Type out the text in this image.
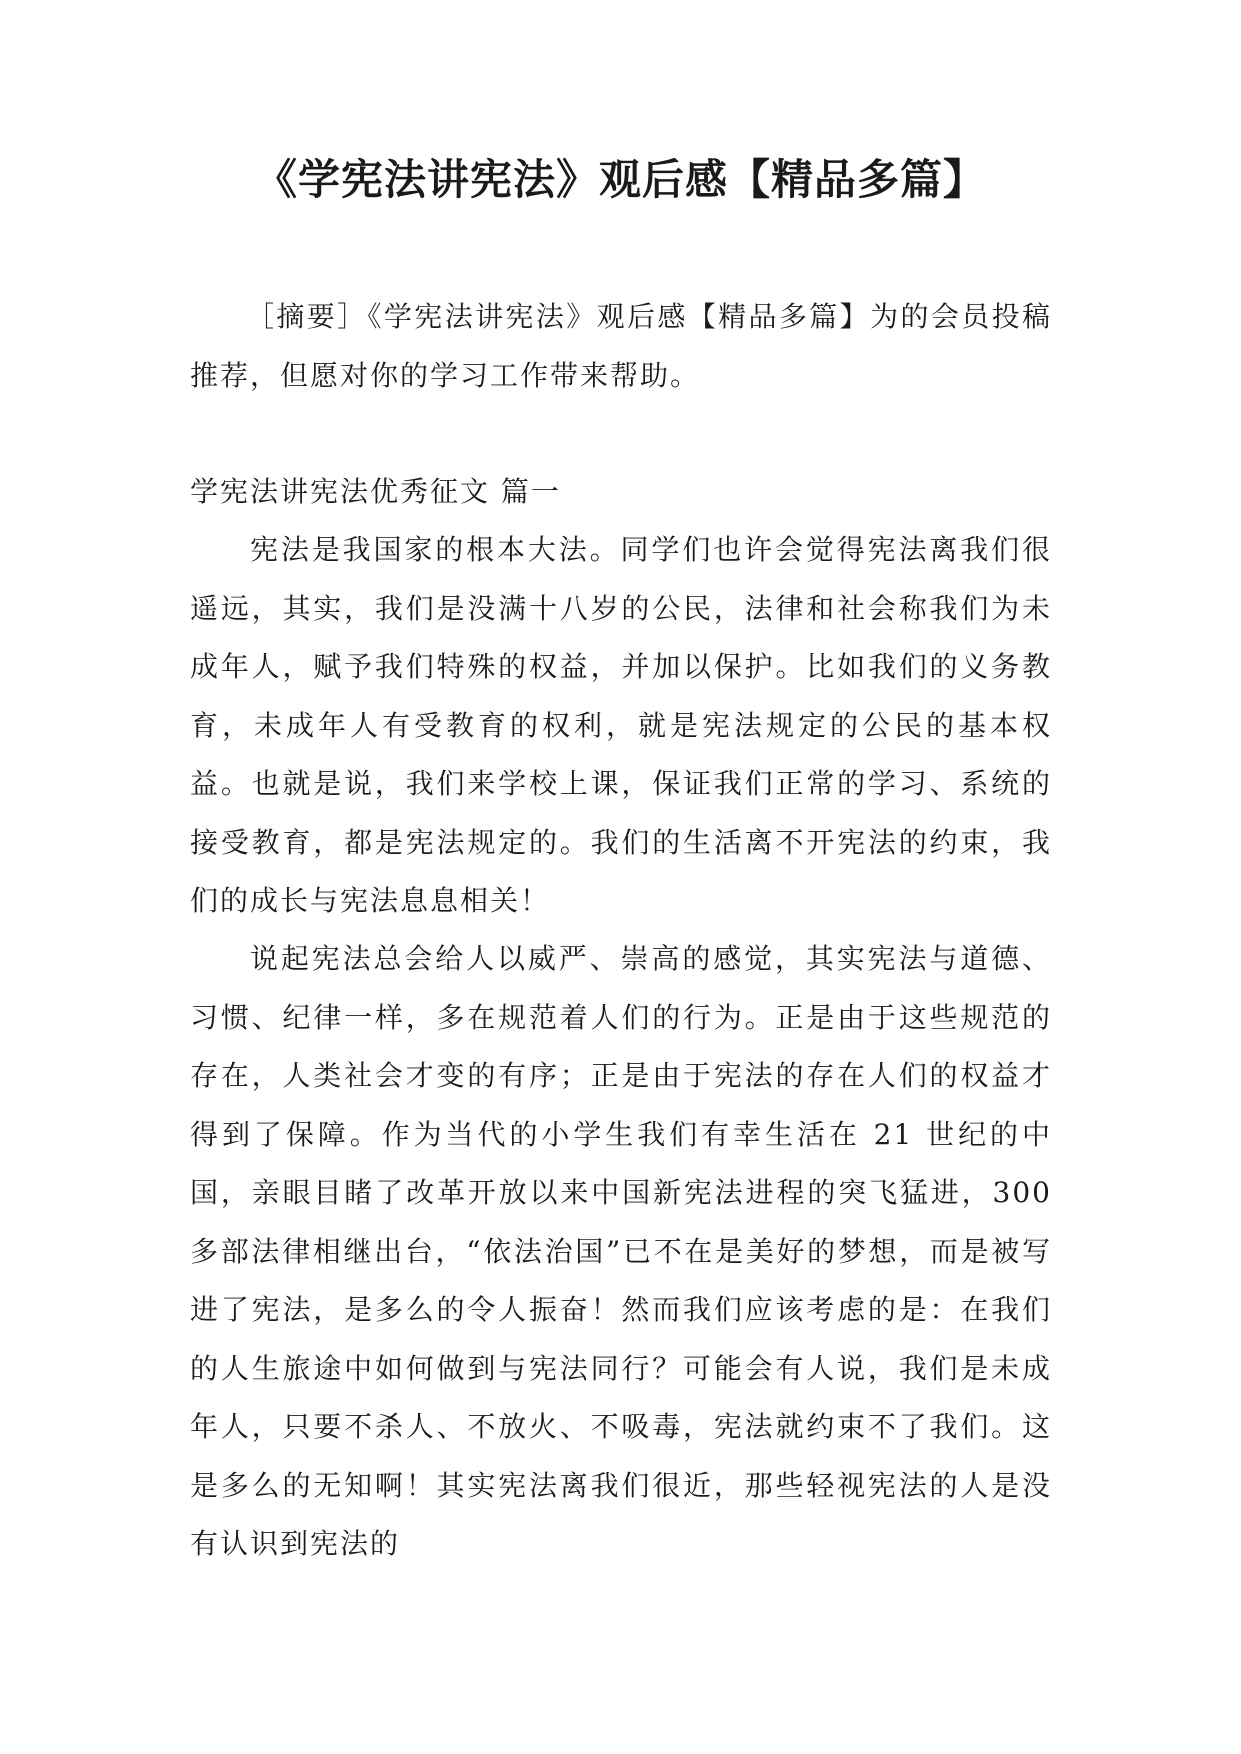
《学宪法讲宪法》观后感【精品多篇】

［摘要］《学宪法讲宪法》观后感【精品多篇】为的会员投稿推荐，但愿对你的学习工作带来帮助。

学宪法讲宪法优秀征文 篇一

宪法是我国家的根本大法。同学们也许会觉得宪法离我们很遥远，其实，我们是没满十八岁的公民，法律和社会称我们为未成年人，赋予我们特殊的权益，并加以保护。比如我们的义务教育，未成年人有受教育的权利，就是宪法规定的公民的基本权益。也就是说，我们来学校上课，保证我们正常的学习、系统的接受教育，都是宪法规定的。我们的生活离不开宪法的约束，我们的成长与宪法息息相关！

说起宪法总会给人以威严、崇高的感觉，其实宪法与道德、习惯、纪律一样，多在规范着人们的行为。正是由于这些规范的存在，人类社会才变的有序；正是由于宪法的存在人们的权益才得到了保障。作为当代的小学生我们有幸生活在 21 世纪的中国，亲眼目睹了改革开放以来中国新宪法进程的突飞猛进，300 多部法律相继出台，“依法治国”已不在是美好的梦想，而是被写进了宪法，是多么的令人振奋！然而我们应该考虑的是：在我们的人生旅途中如何做到与宪法同行？可能会有人说，我们是未成年人，只要不杀人、不放火、不吸毒，宪法就约束不了我们。这是多么的无知啊！其实宪法离我们很近，那些轻视宪法的人是没有认识到宪法的
